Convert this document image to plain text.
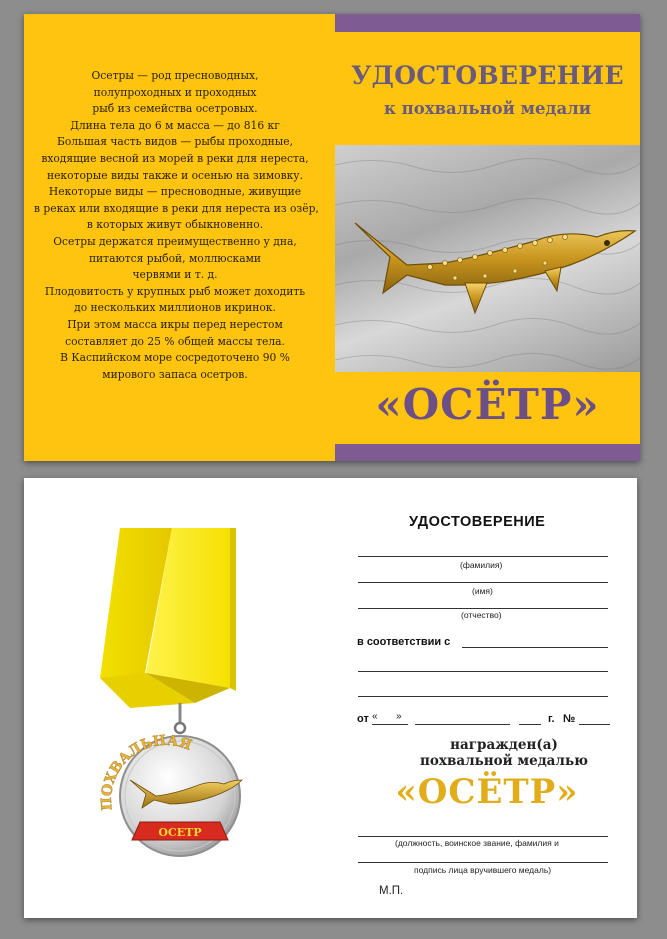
Осетры — род пресноводных,
полупроходных и проходных
рыб из семейства осетровых.
Длина тела до 6 м масса — до 816 кг
Большая часть видов — рыбы проходные,
входящие весной из морей в реки для нереста,
некоторые виды также и осенью на зимовку.
Некоторые виды — пресноводные, живущие
в реках или входящие в реки для нереста из озёр,
в которых живут обыкновенно.
Осетры держатся преимущественно у дна,
питаются рыбой, моллюсками
червями и т. д.
Плодовитость у крупных рыб может доходить
до нескольких миллионов икринок.
При этом масса икры перед нерестом
составляет до 25 % общей массы тела.
В Каспийском море сосредоточено 90 %
мирового запаса осетров.
УДОСТОВЕРЕНИЕ
к похвальной медали
«ОСЁТР»
ПОХВАЛЬНАЯ
ОСЕТР
УДОСТОВЕРЕНИЕ
(фамилия)
(имя)
(отчество)
в соответствии с
от « »	г. №
награжден(а)
похвальной медалью
«ОСЁТР»
(должность, воинское звание, фамилия и
подпись лица вручившего медаль)
М.П.
